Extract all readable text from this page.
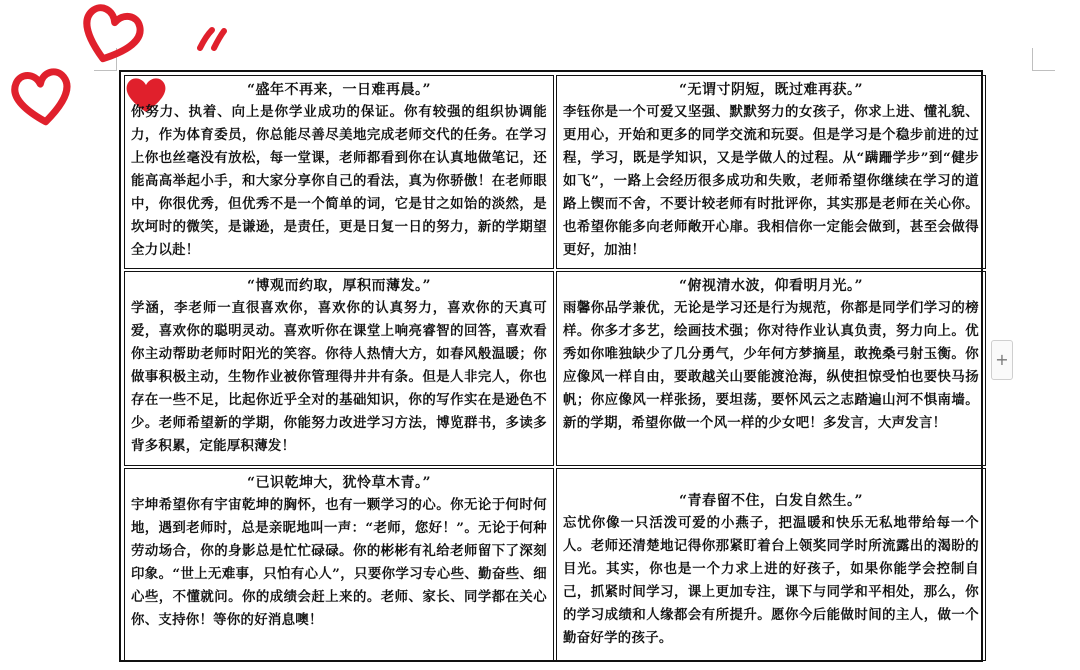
+
“盛年不再来，一日难再晨。”
你努力、执着、向上是你学业成功的保证。你有较强的组织协调能力，作为体育委员，你总能尽善尽美地完成老师交代的任务。在学习上你也丝毫没有放松，每一堂课，老师都看到你在认真地做笔记，还能高高举起小手，和大家分享你自己的看法，真为你骄傲！在老师眼中，你很优秀，但优秀不是一个简单的词，它是甘之如饴的淡然，是坎坷时的微笑，是谦逊，是责任，更是日复一日的努力，新的学期望全力以赴！
“无谓寸阴短，既过难再获。”
李钰你是一个可爱又坚强、默默努力的女孩子，你求上进、懂礼貌、更用心，开始和更多的同学交流和玩耍。但是学习是个稳步前进的过程，学习，既是学知识，又是学做人的过程。从“蹒跚学步”到“健步如飞”，一路上会经历很多成功和失败，老师希望你继续在学习的道路上锲而不舍，不要计较老师有时批评你，其实那是老师在关心你。也希望你能多向老师敞开心扉。我相信你一定能会做到，甚至会做得更好，加油！
“博观而约取，厚积而薄发。”
学涵，李老师一直很喜欢你，喜欢你的认真努力，喜欢你的天真可爱，喜欢你的聪明灵动。喜欢听你在课堂上响亮睿智的回答，喜欢看你主动帮助老师时阳光的笑容。你待人热情大方，如春风般温暖；你做事积极主动，生物作业被你管理得井井有条。但是人非完人，你也存在一些不足，比起你近乎全对的基础知识，你的写作实在是逊色不少。老师希望新的学期，你能努力改进学习方法，博览群书，多读多背多积累，定能厚积薄发！
“俯视清水波，仰看明月光。”
雨馨你品学兼优，无论是学习还是行为规范，你都是同学们学习的榜样。你多才多艺，绘画技术强；你对待作业认真负责，努力向上。优秀如你唯独缺少了几分勇气，少年何方梦摘星，敢挽桑弓射玉衡。你应像风一样自由，要敢越关山要能渡沧海，纵使担惊受怕也要快马扬帆；你应像风一样张扬，要坦荡，要怀风云之志踏遍山河不惧南墙。新的学期，希望你做一个风一样的少女吧！多发言，大声发言！
“已识乾坤大，犹怜草木青。”
宇坤希望你有宇宙乾坤的胸怀，也有一颗学习的心。你无论于何时何地，遇到老师时，总是亲昵地叫一声：“老师，您好！”。无论于何种劳动场合，你的身影总是忙忙碌碌。你的彬彬有礼给老师留下了深刻印象。“世上无难事，只怕有心人”，只要你学习专心些、勤奋些、细心些，不懂就问。你的成绩会赶上来的。老师、家长、同学都在关心你、支持你！等你的好消息噢！
“青春留不住，白发自然生。”
忘忧你像一只活泼可爱的小燕子，把温暖和快乐无私地带给每一个人。老师还清楚地记得你那紧盯着台上领奖同学时所流露出的渴盼的目光。其实，你也是一个力求上进的好孩子，如果你能学会控制自己，抓紧时间学习，课上更加专注，课下与同学和平相处，那么，你的学习成绩和人缘都会有所提升。愿你今后能做时间的主人，做一个勤奋好学的孩子。
